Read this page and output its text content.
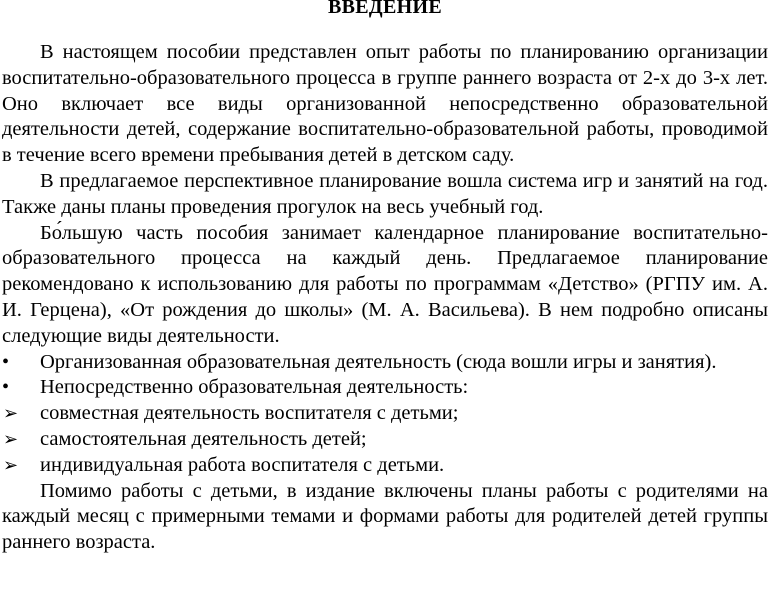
ВВЕДЕНИЕ

В настоящем пособии представлен опыт работы по планированию организации воспитательно-образовательного процесса в группе раннего возраста от 2-х до 3-х лет. Оно включает все виды организованной непосредственно образовательной деятельности детей, содержание воспитательно-образовательной работы, проводимой в течение всего времени пребывания детей в детском саду.

В предлагаемое перспективное планирование вошла система игр и занятий на год. Также даны планы проведения прогулок на весь учебный год.

Бо́льшую часть пособия занимает календарное планирование воспитательно-образовательного процесса на каждый день. Предлагаемое планирование рекомендовано к использованию для работы по программам «Детство» (РГПУ им. А. И. Герцена), «От рождения до школы» (М. А. Васильева). В нем подробно описаны следующие виды деятельности.

•	Организованная образовательная деятельность (сюда вошли игры и занятия).
•	Непосредственно образовательная деятельность:
➢ совместная деятельность воспитателя с детьми;
➢ самостоятельная деятельность детей;
➢ индивидуальная работа воспитателя с детьми.

Помимо работы с детьми, в издание включены планы работы с родителями на каждый месяц с примерными темами и формами работы для родителей детей группы раннего возраста.
